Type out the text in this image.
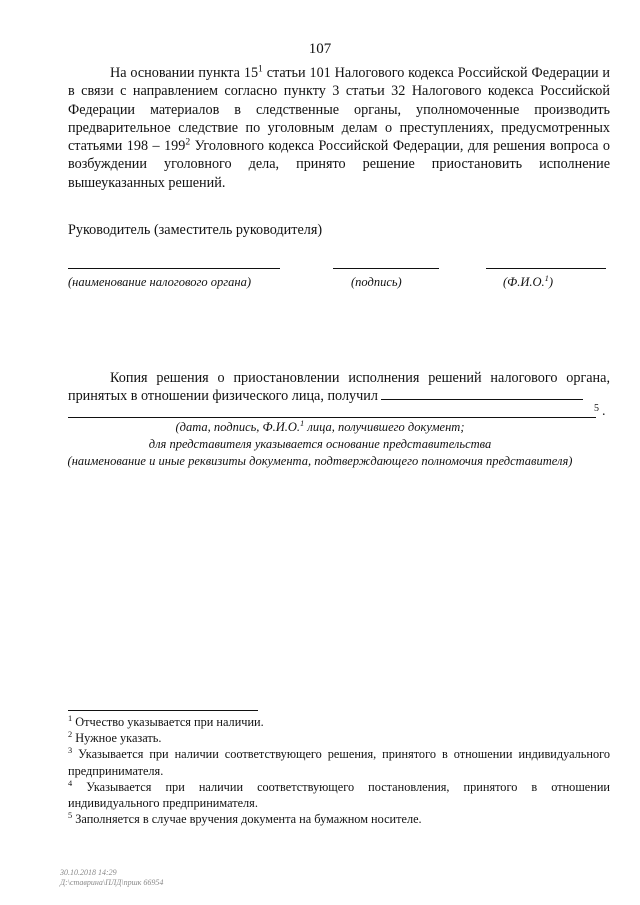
107

На основании пункта $15^1$ статьи 101 Налогового кодекса Российской Федерации и в связи с направлением согласно пункту 3 статьи 32 Налогового кодекса Российской Федерации материалов в следственные органы, уполномоченные производить предварительное следствие по уголовным делам о преступлениях, предусмотренных статьями $198 - 199^2$ Уголовного кодекса Российской Федерации, для решения вопроса о возбуждении уголовного дела, принято решение приостановить исполнение вышеуказанных решений.

Руководитель (заместитель руководителя)
(наименование налогового органа)	(подпись)	(Ф.И.О.$^1$)

Копия решения о приостановлении исполнения решений налогового органа, принятых в отношении физического лица, получил

5 .
(дата, подпись, Ф.И.О.$^1$ лица, получившего документ;
для представителя указывается основание представительства
(наименование и иные реквизиты документа, подтверждающего полномочия представителя)

$^1$ Отчество указывается при наличии.

$^2$ Нужное указать.

$^3$ Указывается при наличии соответствующего решения, принятого в отношении индивидуального предпринимателя.

$^4$ Указывается при наличии соответствующего постановления, принятого в отношении индивидуального предпринимателя.

$^5$ Заполняется в случае вручения документа на бумажном носителе.

30.10.2018 14:29
Д:\ставрина\ПЛД\пршк 66954
